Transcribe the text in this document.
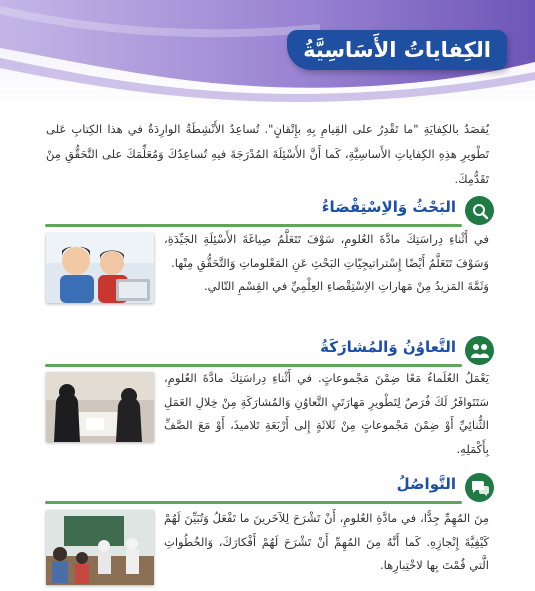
الكِفاياتُ الأَسَاسِيَّةُ
يُقصَدُ بالكِفايَةِ "ما تَقْدِرُ على القِيامِ بِهِ بإِتْقانٍ". تُساعِدُ الأَنْشِطَةُ الوارِدَةُ في هذا الكِتابِ عَلى تَطْويرِ هذِهِ الكِفاياتِ الأَساسِيَّةِ، كَما أَنَّ الأَسْئِلَةَ المُدْرَجَةَ فيهِ تُساعِدُكَ وَمُعَلِّمَكَ على التَّحَقُّقِ مِنْ تَقَدُّمِكَ.
البَحْثُ وَالاِسْتِقْصَاءُ
في أَثْناءِ دِراسَتِكَ مادَّةَ العُلومِ، سَوْفَ تَتَعَلَّمُ صِياغَةَ الأَسْئِلَةِ الجَيِّدَةِ، وَسَوْفَ تَتَعَلَّمُ أَيْضًا إِسْتراتيجِيّاتِ البَحْثِ عَنِ المَعْلوماتِ وَالتَّحَقُّقِ مِنْها.
وَثَمَّةَ المَزيدُ مِنْ مَهاراتِ الاِسْتِقْصاءِ العِلْمِيِّ في القِسْمِ التّالي.
التَّعاوُنُ وَالمُشارَكَةُ
يَعْمَلُ العُلَماءُ مَعًا ضِمْنَ مَجْموعاتٍ. في أَثْناءِ دِراسَتِكَ مادَّةَ العُلومِ، سَتَتَوافَرُ لَكَ فُرَصٌ لِتَطْويرِ مَهارَتَيِ التَّعاوُنِ وَالمُشارَكَةِ مِنْ خِلالِ العَمَلِ الثُّنائِيِّ أَوْ ضِمْنَ مَجْموعاتٍ مِنْ ثَلاثَةٍ إِلى أَرْبَعَةِ تَلاميذَ، أَوْ مَعَ الصَّفِّ بِأَكْمَلِهِ.
التَّواصُلُ
مِنَ المُهِمِّ جِدًّا، في مادَّةِ العُلومِ، أَنْ تَشْرَحَ لِلآخَرينَ ما تَفْعَلُ وَتُبَيِّنَ لَهُمْ كَيْفِيَّةَ إِنْجازِهِ. كَما أَنَّهُ مِنَ المُهِمِّ أَنْ تَشْرَحَ لَهُمْ أَفْكارَكَ، وَالخُطُواتِ الَّتي قُمْتَ بِها لاخْتِبارِها.
